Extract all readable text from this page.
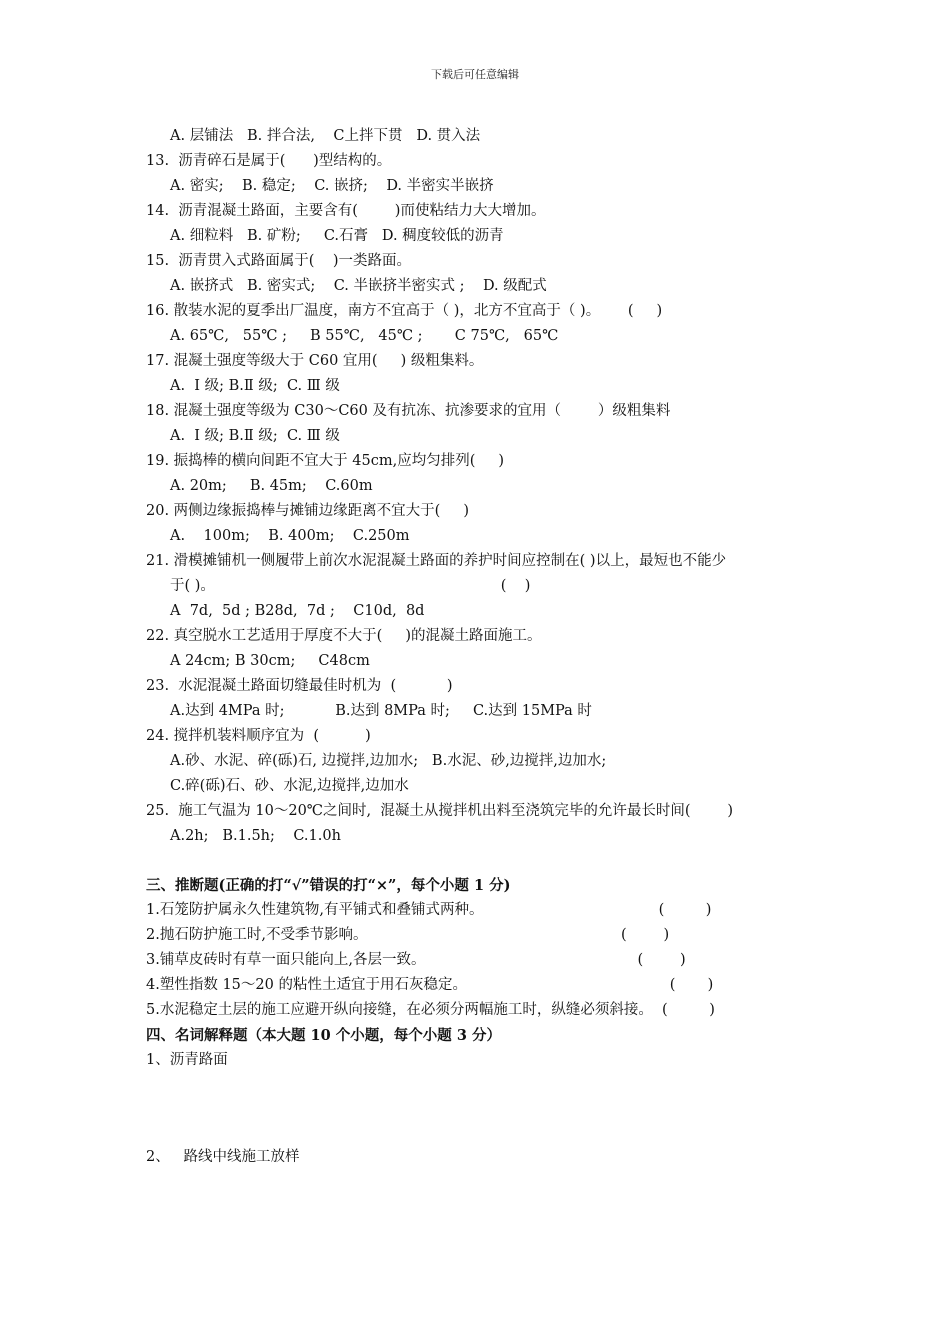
下载后可任意编辑
A. 层铺法   B. 拌合法,    C上拌下贯   D. 贯入法
13.  沥青碎石是属于(      )型结构的。
A. 密实;    B. 稳定;    C. 嵌挤;    D. 半密实半嵌挤
14.  沥青混凝土路面，主要含有(        )而使粘结力大大增加。
A. 细粒料   B. 矿粉;     C.石膏   D. 稠度较低的沥青
15.  沥青贯入式路面属于(    )一类路面。
A. 嵌挤式   B. 密实式;    C. 半嵌挤半密实式 ;    D. 级配式
16. 散装水泥的夏季出厂温度，南方不宜高于（ )，北方不宜高于（ )。      (     )
A. 65℃,   55℃ ;     B 55℃,   45℃ ;       C 75℃,   65℃
17. 混凝土强度等级大于 C60 宜用(     ) 级粗集料。
A.  Ⅰ 级; B.Ⅱ 级;  C. Ⅲ 级
18. 混凝土强度等级为 C30～C60 及有抗冻、抗渗要求的宜用（        ）级粗集料
A.  Ⅰ 级; B.Ⅱ 级;  C. Ⅲ 级
19. 振捣棒的横向间距不宜大于 45cm,应均匀排列(     )
A. 20m;     B. 45m;    C.60m
20. 两侧边缘振捣棒与摊铺边缘距离不宜大于(     )
A.    100m;    B. 400m;    C.250m
21. 滑模摊铺机一侧履带上前次水泥混凝土路面的养护时间应控制在( )以上，最短也不能少
于( )。                                                              (    )
A  7d,  5d ; B28d,  7d ;    C10d,  8d
22. 真空脱水工艺适用于厚度不大于(     )的混凝土路面施工。
A 24cm; B 30cm;     C48cm
23.  水泥混凝土路面切缝最佳时机为  (           )
A.达到 4MPa 时;           B.达到 8MPa 时;     C.达到 15MPa 时
24. 搅拌机装料顺序宜为  (          )
A.砂、水泥、碎(砾)石, 边搅拌,边加水;   B.水泥、砂,边搅拌,边加水;
C.碎(砾)石、砂、水泥,边搅拌,边加水
25.  施工气温为 10～20℃之间时,  混凝土从搅拌机出料至浇筑完毕的允许最长时间(        )
A.2h;   B.1.5h;    C.1.0h
三、推断题(正确的打“√”错误的打“×”，每个小题 1 分)
1.石笼防护属永久性建筑物,有平铺式和叠铺式两种。                                      (         )
2.抛石防护施工时,不受季节影响。                                                       (        )
3.铺草皮砖时有草一面只能向上,各层一致。                                              (        )
4.塑性指数 15～20 的粘性土适宜于用石灰稳定。                                            (       )
5.水泥稳定土层的施工应避开纵向接缝，在必须分两幅施工时，纵缝必须斜接。  (         )
四、名词解释题（本大题 10 个小题，每个小题 3 分）
1、沥青路面
2、   路线中线施工放样
